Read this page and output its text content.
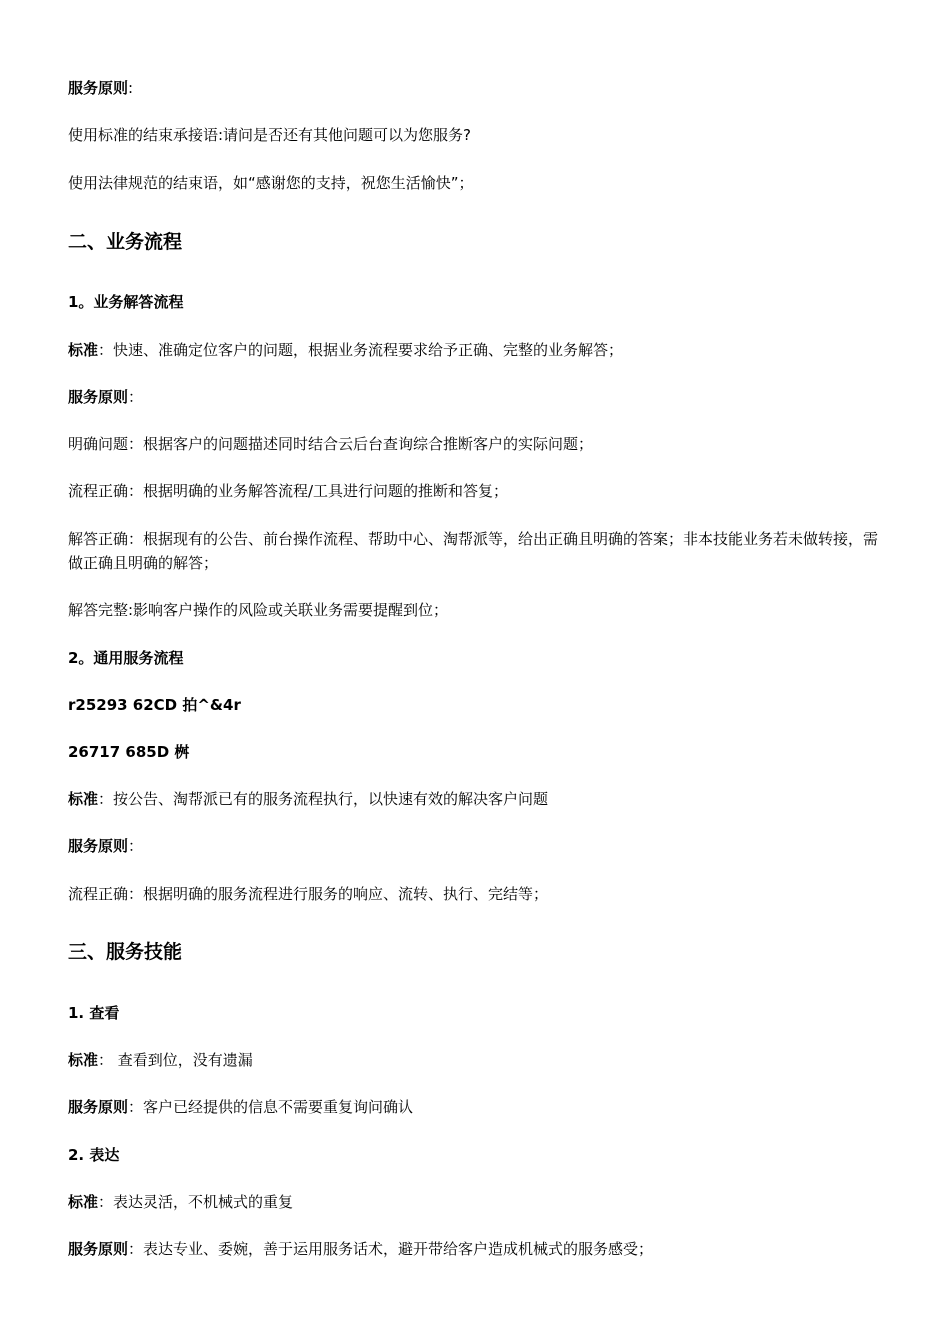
服务原则:
使用标准的结束承接语:请问是否还有其他问题可以为您服务?
使用法律规范的结束语，如“感谢您的支持，祝您生活愉快”；
二、业务流程
1。业务解答流程
标准：快速、准确定位客户的问题，根据业务流程要求给予正确、完整的业务解答；
服务原则：
明确问题：根据客户的问题描述同时结合云后台查询综合推断客户的实际问题；
流程正确：根据明确的业务解答流程/工具进行问题的推断和答复；
解答正确：根据现有的公告、前台操作流程、帮助中心、淘帮派等，给出正确且明确的答案；非本技能业务若未做转接，需做正确且明确的解答；
解答完整:影响客户操作的风险或关联业务需要提醒到位；
2。通用服务流程
r25293 62CD 拍^&4r
26717 685D 桝
标准：按公告、淘帮派已有的服务流程执行，以快速有效的解决客户问题
服务原则：
流程正确：根据明确的服务流程进行服务的响应、流转、执行、完结等；
三、服务技能
1. 查看
标准： 查看到位，没有遗漏
服务原则：客户已经提供的信息不需要重复询问确认
2. 表达
标准：表达灵活，不机械式的重复
服务原则：表达专业、委婉，善于运用服务话术，避开带给客户造成机械式的服务感受；
